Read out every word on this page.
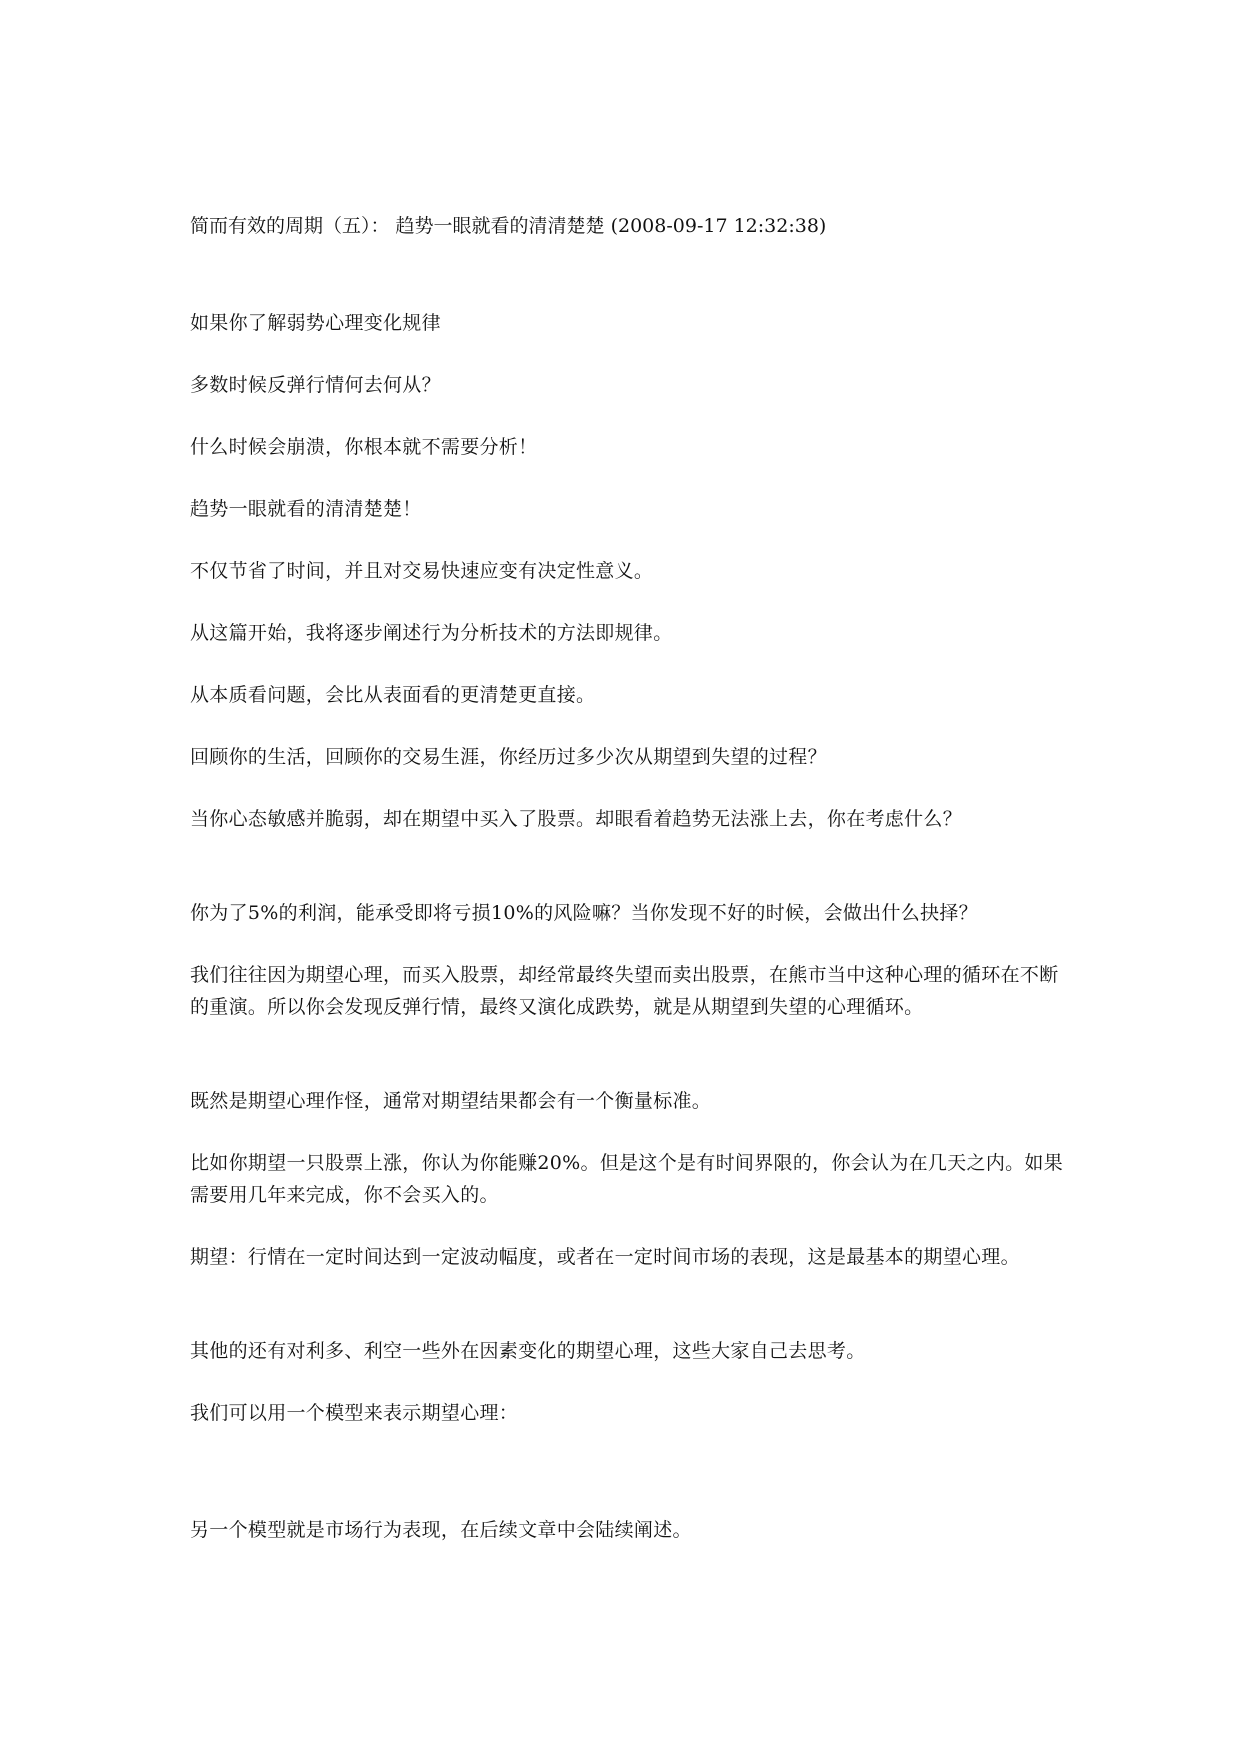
简而有效的周期（五）： 趋势一眼就看的清清楚楚 (2008-09-17 12:32:38)
如果你了解弱势心理变化规律
多数时候反弹行情何去何从？
什么时候会崩溃，你根本就不需要分析！
趋势一眼就看的清清楚楚！
不仅节省了时间，并且对交易快速应变有决定性意义。
从这篇开始，我将逐步阐述行为分析技术的方法即规律。
从本质看问题，会比从表面看的更清楚更直接。
回顾你的生活，回顾你的交易生涯，你经历过多少次从期望到失望的过程？
当你心态敏感并脆弱，却在期望中买入了股票。却眼看着趋势无法涨上去，你在考虑什么？
你为了5%的利润，能承受即将亏损10%的风险嘛？当你发现不好的时候，会做出什么抉择？
我们往往因为期望心理，而买入股票，却经常最终失望而卖出股票，在熊市当中这种心理的循环在不断的重演。所以你会发现反弹行情，最终又演化成跌势，就是从期望到失望的心理循环。
既然是期望心理作怪，通常对期望结果都会有一个衡量标准。
比如你期望一只股票上涨，你认为你能赚20%。但是这个是有时间界限的，你会认为在几天之内。如果需要用几年来完成，你不会买入的。
期望：行情在一定时间达到一定波动幅度，或者在一定时间市场的表现，这是最基本的期望心理。
其他的还有对利多、利空一些外在因素变化的期望心理，这些大家自己去思考。
我们可以用一个模型来表示期望心理：
另一个模型就是市场行为表现，在后续文章中会陆续阐述。
